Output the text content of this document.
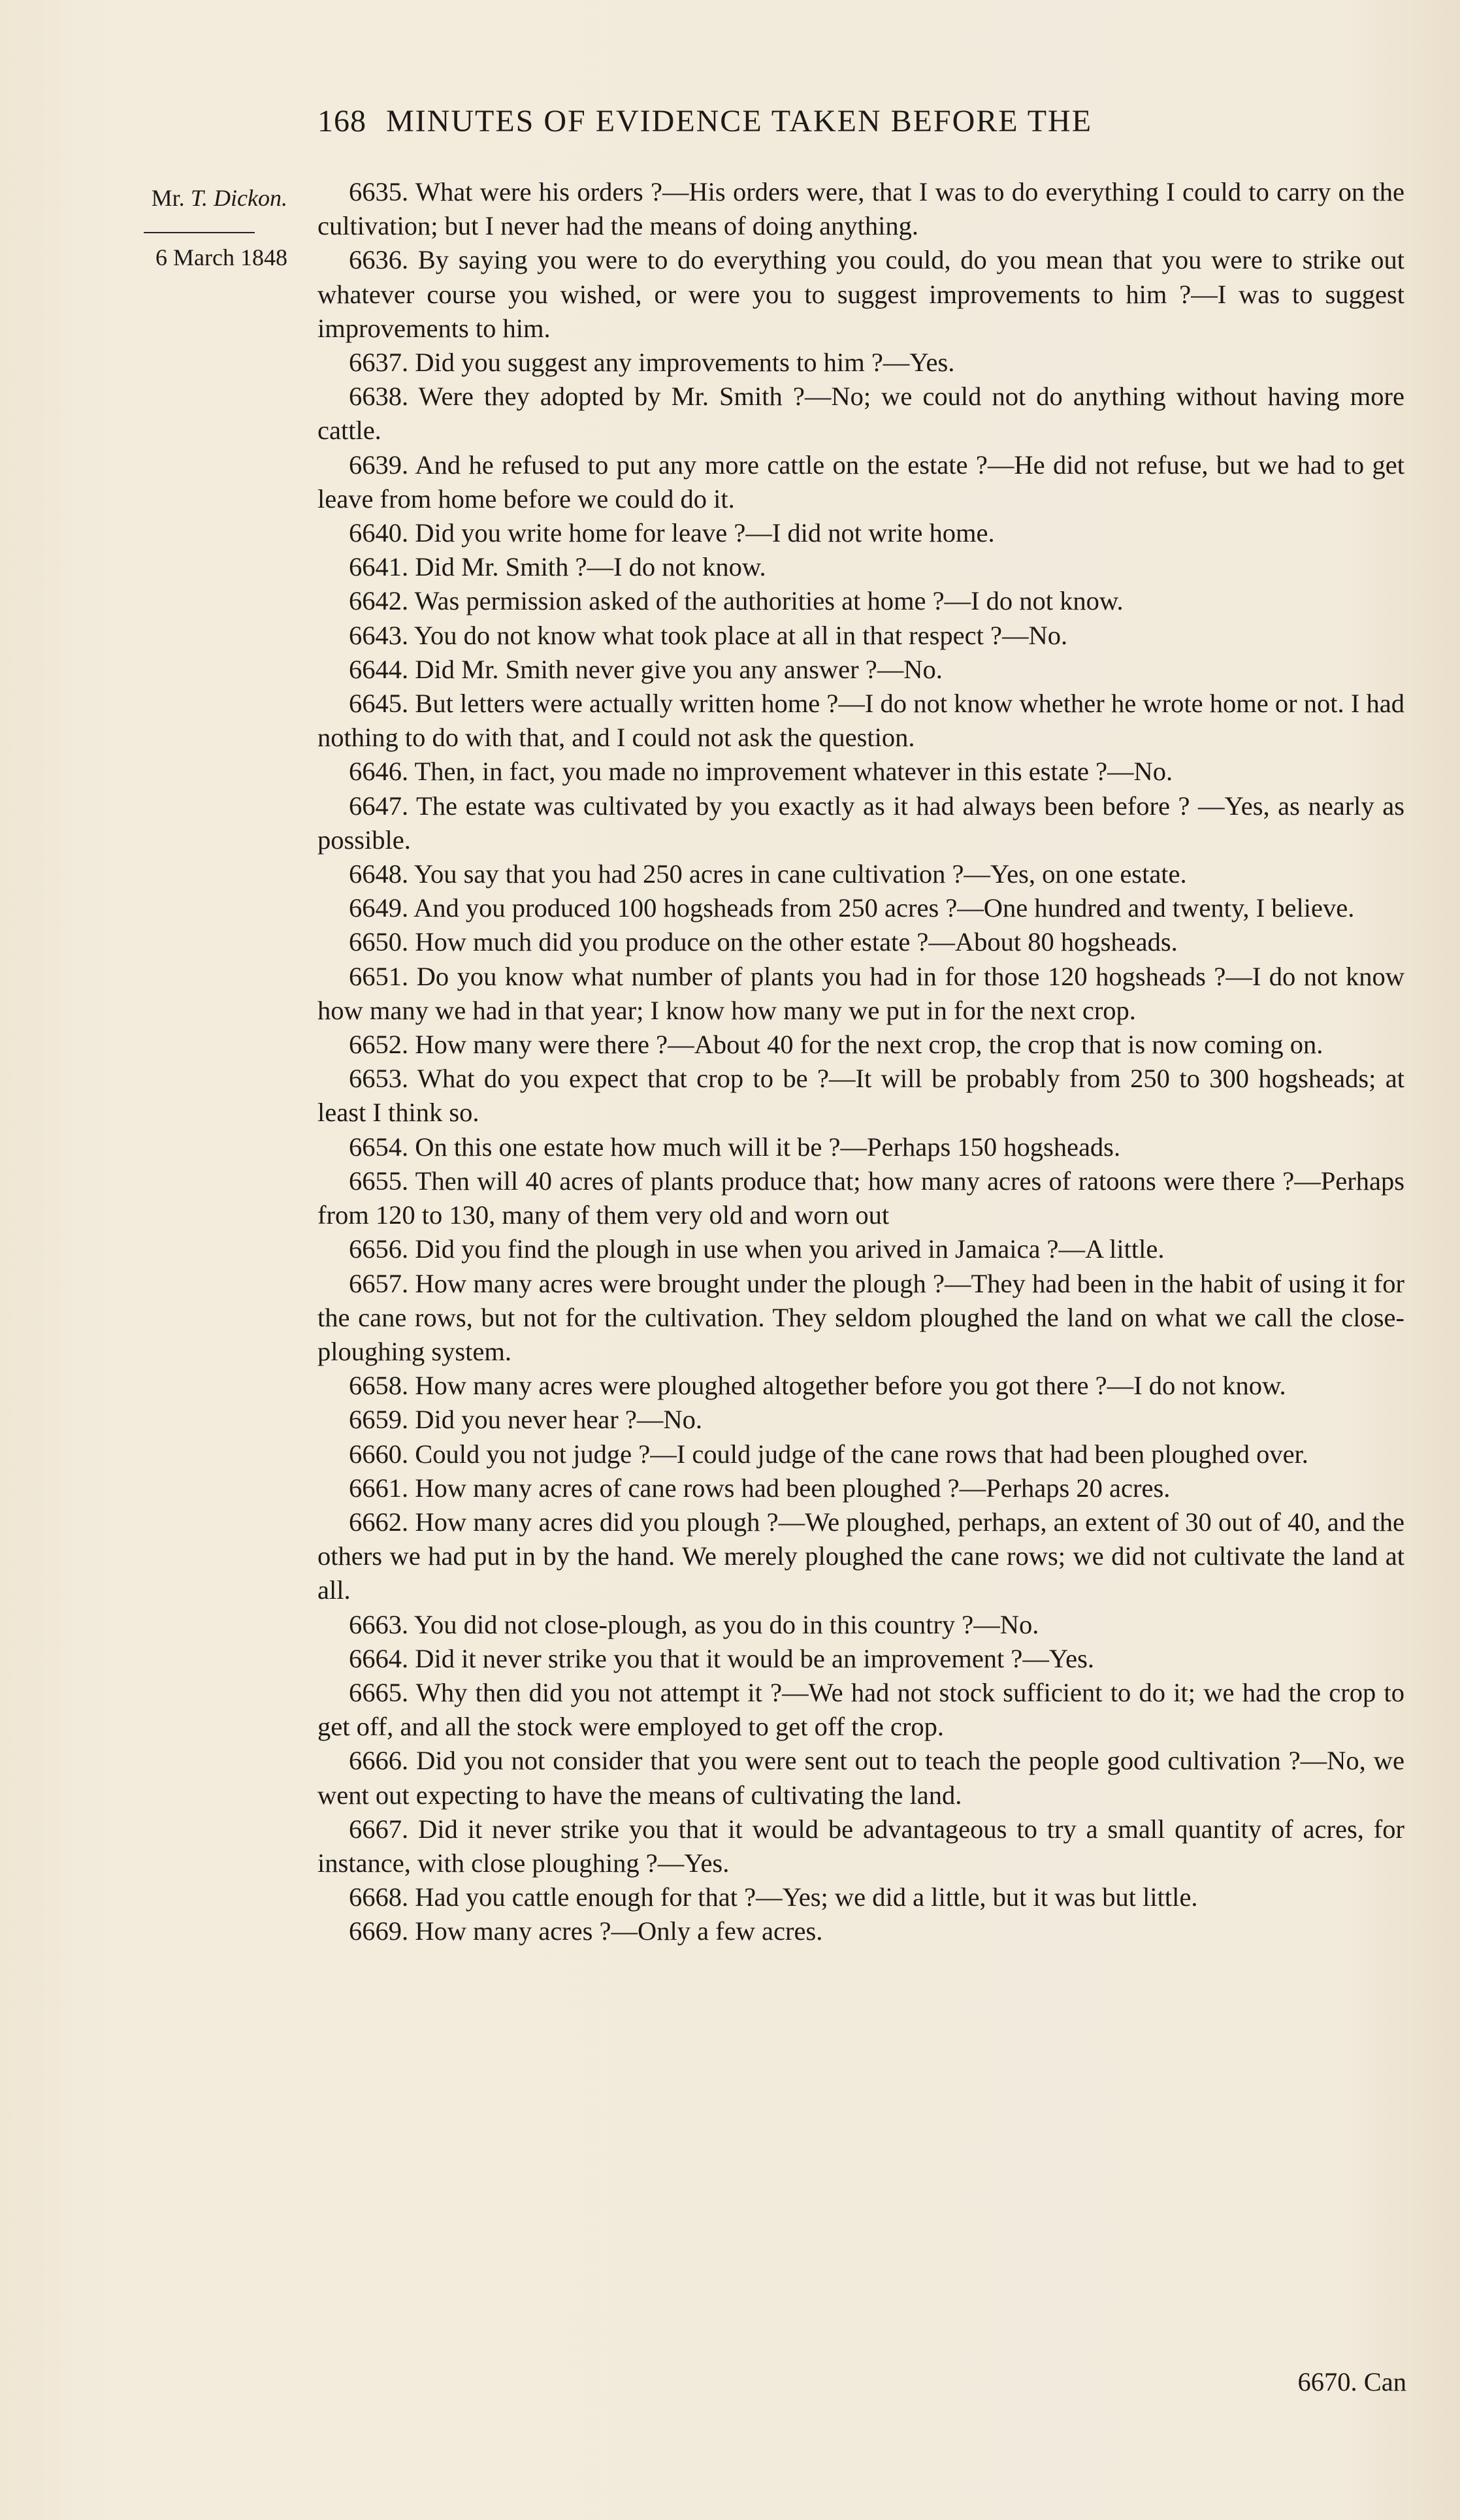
168 MINUTES OF EVIDENCE TAKEN BEFORE THE
Mr. T. Dickon.
6 March 1848

6635. What were his orders ?—His orders were, that I was to do everything I could to carry on the cultivation; but I never had the means of doing anything.

6636. By saying you were to do everything you could, do you mean that you were to strike out whatever course you wished, or were you to suggest improvements to him ?—I was to suggest improvements to him.

6637. Did you suggest any improvements to him ?—Yes.

6638. Were they adopted by Mr. Smith ?—No; we could not do anything without having more cattle.

6639. And he refused to put any more cattle on the estate ?—He did not refuse, but we had to get leave from home before we could do it.

6640. Did you write home for leave ?—I did not write home.

6641. Did Mr. Smith ?—I do not know.

6642. Was permission asked of the authorities at home ?—I do not know.

6643. You do not know what took place at all in that respect ?—No.

6644. Did Mr. Smith never give you any answer ?—No.

6645. But letters were actually written home ?—I do not know whether he wrote home or not. I had nothing to do with that, and I could not ask the question.

6646. Then, in fact, you made no improvement whatever in this estate ?—No.

6647. The estate was cultivated by you exactly as it had always been before ? —Yes, as nearly as possible.

6648. You say that you had 250 acres in cane cultivation ?—Yes, on one estate.

6649. And you produced 100 hogsheads from 250 acres ?—One hundred and twenty, I believe.

6650. How much did you produce on the other estate ?—About 80 hogsheads.

6651. Do you know what number of plants you had in for those 120 hogsheads ?—I do not know how many we had in that year; I know how many we put in for the next crop.

6652. How many were there ?—About 40 for the next crop, the crop that is now coming on.

6653. What do you expect that crop to be ?—It will be probably from 250 to 300 hogsheads; at least I think so.

6654. On this one estate how much will it be ?—Perhaps 150 hogsheads.

6655. Then will 40 acres of plants produce that; how many acres of ratoons were there ?—Perhaps from 120 to 130, many of them very old and worn out

6656. Did you find the plough in use when you arived in Jamaica ?—A little.

6657. How many acres were brought under the plough ?—They had been in the habit of using it for the cane rows, but not for the cultivation. They seldom ploughed the land on what we call the close-ploughing system.

6658. How many acres were ploughed altogether before you got there ?—I do not know.

6659. Did you never hear ?—No.

6660. Could you not judge ?—I could judge of the cane rows that had been ploughed over.

6661. How many acres of cane rows had been ploughed ?—Perhaps 20 acres.

6662. How many acres did you plough ?—We ploughed, perhaps, an extent of 30 out of 40, and the others we had put in by the hand. We merely ploughed the cane rows; we did not cultivate the land at all.

6663. You did not close-plough, as you do in this country ?—No.

6664. Did it never strike you that it would be an improvement ?—Yes.

6665. Why then did you not attempt it ?—We had not stock sufficient to do it; we had the crop to get off, and all the stock were employed to get off the crop.

6666. Did you not consider that you were sent out to teach the people good cultivation ?—No, we went out expecting to have the means of cultivating the land.

6667. Did it never strike you that it would be advantageous to try a small quantity of acres, for instance, with close ploughing ?—Yes.

6668. Had you cattle enough for that ?—Yes; we did a little, but it was but little.

6669. How many acres ?—Only a few acres.

6670. Can
